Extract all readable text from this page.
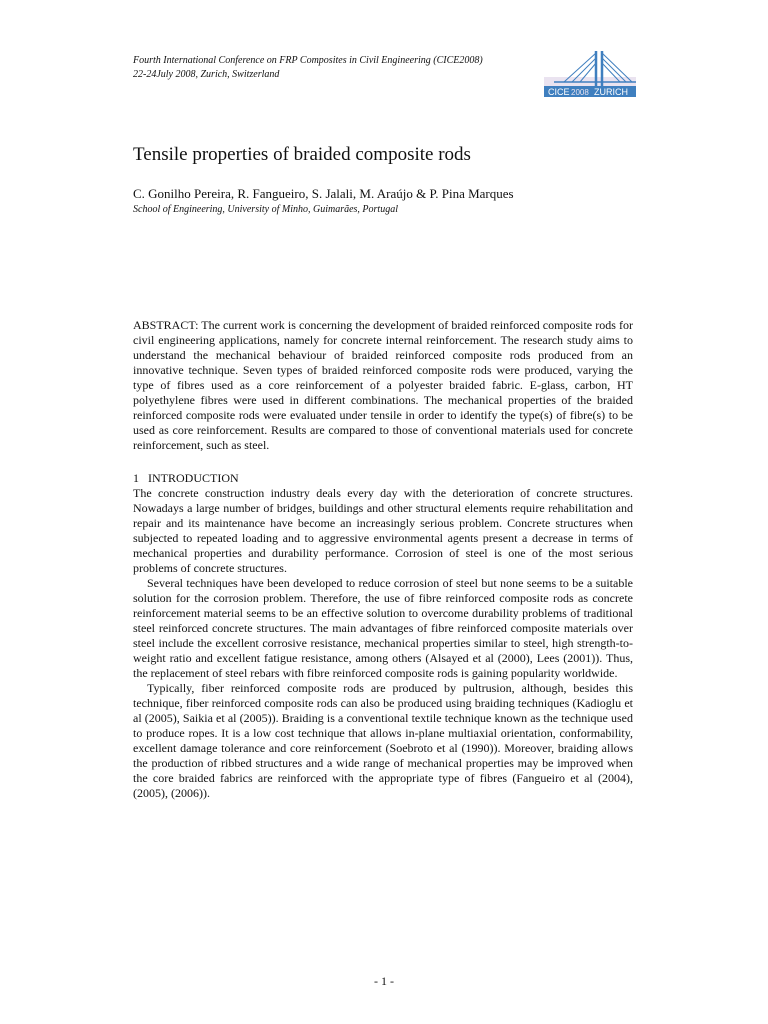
Fourth International Conference on FRP Composites in Civil Engineering (CICE2008)
22-24July 2008, Zurich, Switzerland
CICE 2008 ZURICH
Tensile properties of braided composite rods
C. Gonilho Pereira, R. Fangueiro, S. Jalali, M. Araújo & P. Pina Marques
School of Engineering, University of Minho, Guimarães, Portugal

ABSTRACT: The current work is concerning the development of braided reinforced composite rods for civil engineering applications, namely for concrete internal reinforcement. The research study aims to understand the mechanical behaviour of braided reinforced composite rods produced from an innovative technique. Seven types of braided reinforced composite rods were produced, varying the type of fibres used as a core reinforcement of a polyester braided fabric. E-glass, carbon, HT polyethylene fibres were used in different combinations. The mechanical properties of the braided reinforced composite rods were evaluated under tensile in order to identify the type(s) of fibre(s) to be used as core reinforcement. Results are compared to those of conventional materials used for concrete reinforcement, such as steel.

1 INTRODUCTION

The concrete construction industry deals every day with the deterioration of concrete structures. Nowadays a large number of bridges, buildings and other structural elements require rehabilitation and repair and its maintenance have become an increasingly serious problem. Concrete structures when subjected to repeated loading and to aggressive environmental agents present a decrease in terms of mechanical properties and durability performance. Corrosion of steel is one of the most serious problems of concrete structures.

Several techniques have been developed to reduce corrosion of steel but none seems to be a suitable solution for the corrosion problem. Therefore, the use of fibre reinforced composite rods as concrete reinforcement material seems to be an effective solution to overcome durability problems of traditional steel reinforced concrete structures. The main advantages of fibre reinforced composite materials over steel include the excellent corrosive resistance, mechanical properties similar to steel, high strength-to-weight ratio and excellent fatigue resistance, among others (Alsayed et al (2000), Lees (2001)). Thus, the replacement of steel rebars with fibre reinforced composite rods is gaining popularity worldwide.

Typically, fiber reinforced composite rods are produced by pultrusion, although, besides this technique, fiber reinforced composite rods can also be produced using braiding techniques (Kadioglu et al (2005), Saikia et al (2005)). Braiding is a conventional textile technique known as the technique used to produce ropes. It is a low cost technique that allows in-plane multiaxial orientation, conformability, excellent damage tolerance and core reinforcement (Soebroto et al (1990)). Moreover, braiding allows the production of ribbed structures and a wide range of mechanical properties may be improved when the core braided fabrics are reinforced with the appropriate type of fibres (Fangueiro et al (2004), (2005), (2006)).

- 1 -
